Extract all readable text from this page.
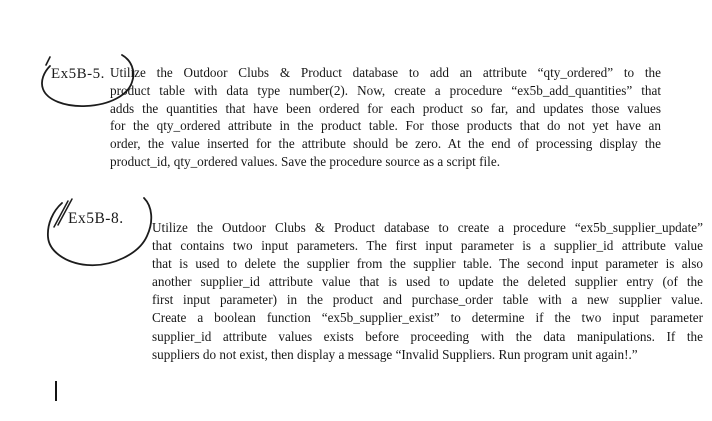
Ex5B-5. Utilize the Outdoor Clubs & Product database to add an attribute “qty_ordered” to the
product table with data type number(2). Now, create a procedure “ex5b_add_quantities” that
adds the quantities that have been ordered for each product so far, and updates those values
for the qty_ordered attribute in the product table. For those products that do not yet have an
order, the value inserted for the attribute should be zero. At the end of processing display the
product_id, qty_ordered values. Save the procedure source as a script file.
Ex5B-8.
Utilize the Outdoor Clubs & Product database to create a procedure “ex5b_supplier_update”
that contains two input parameters. The first input parameter is a supplier_id attribute value
that is used to delete the supplier from the supplier table. The second input parameter is also
another supplier_id attribute value that is used to update the deleted supplier entry (of the
first input parameter) in the product and purchase_order table with a new supplier value.
Create a boolean function “ex5b_supplier_exist” to determine if the two input parameter
supplier_id attribute values exists before proceeding with the data manipulations. If the
suppliers do not exist, then display a message “Invalid Suppliers. Run program unit again!.”
